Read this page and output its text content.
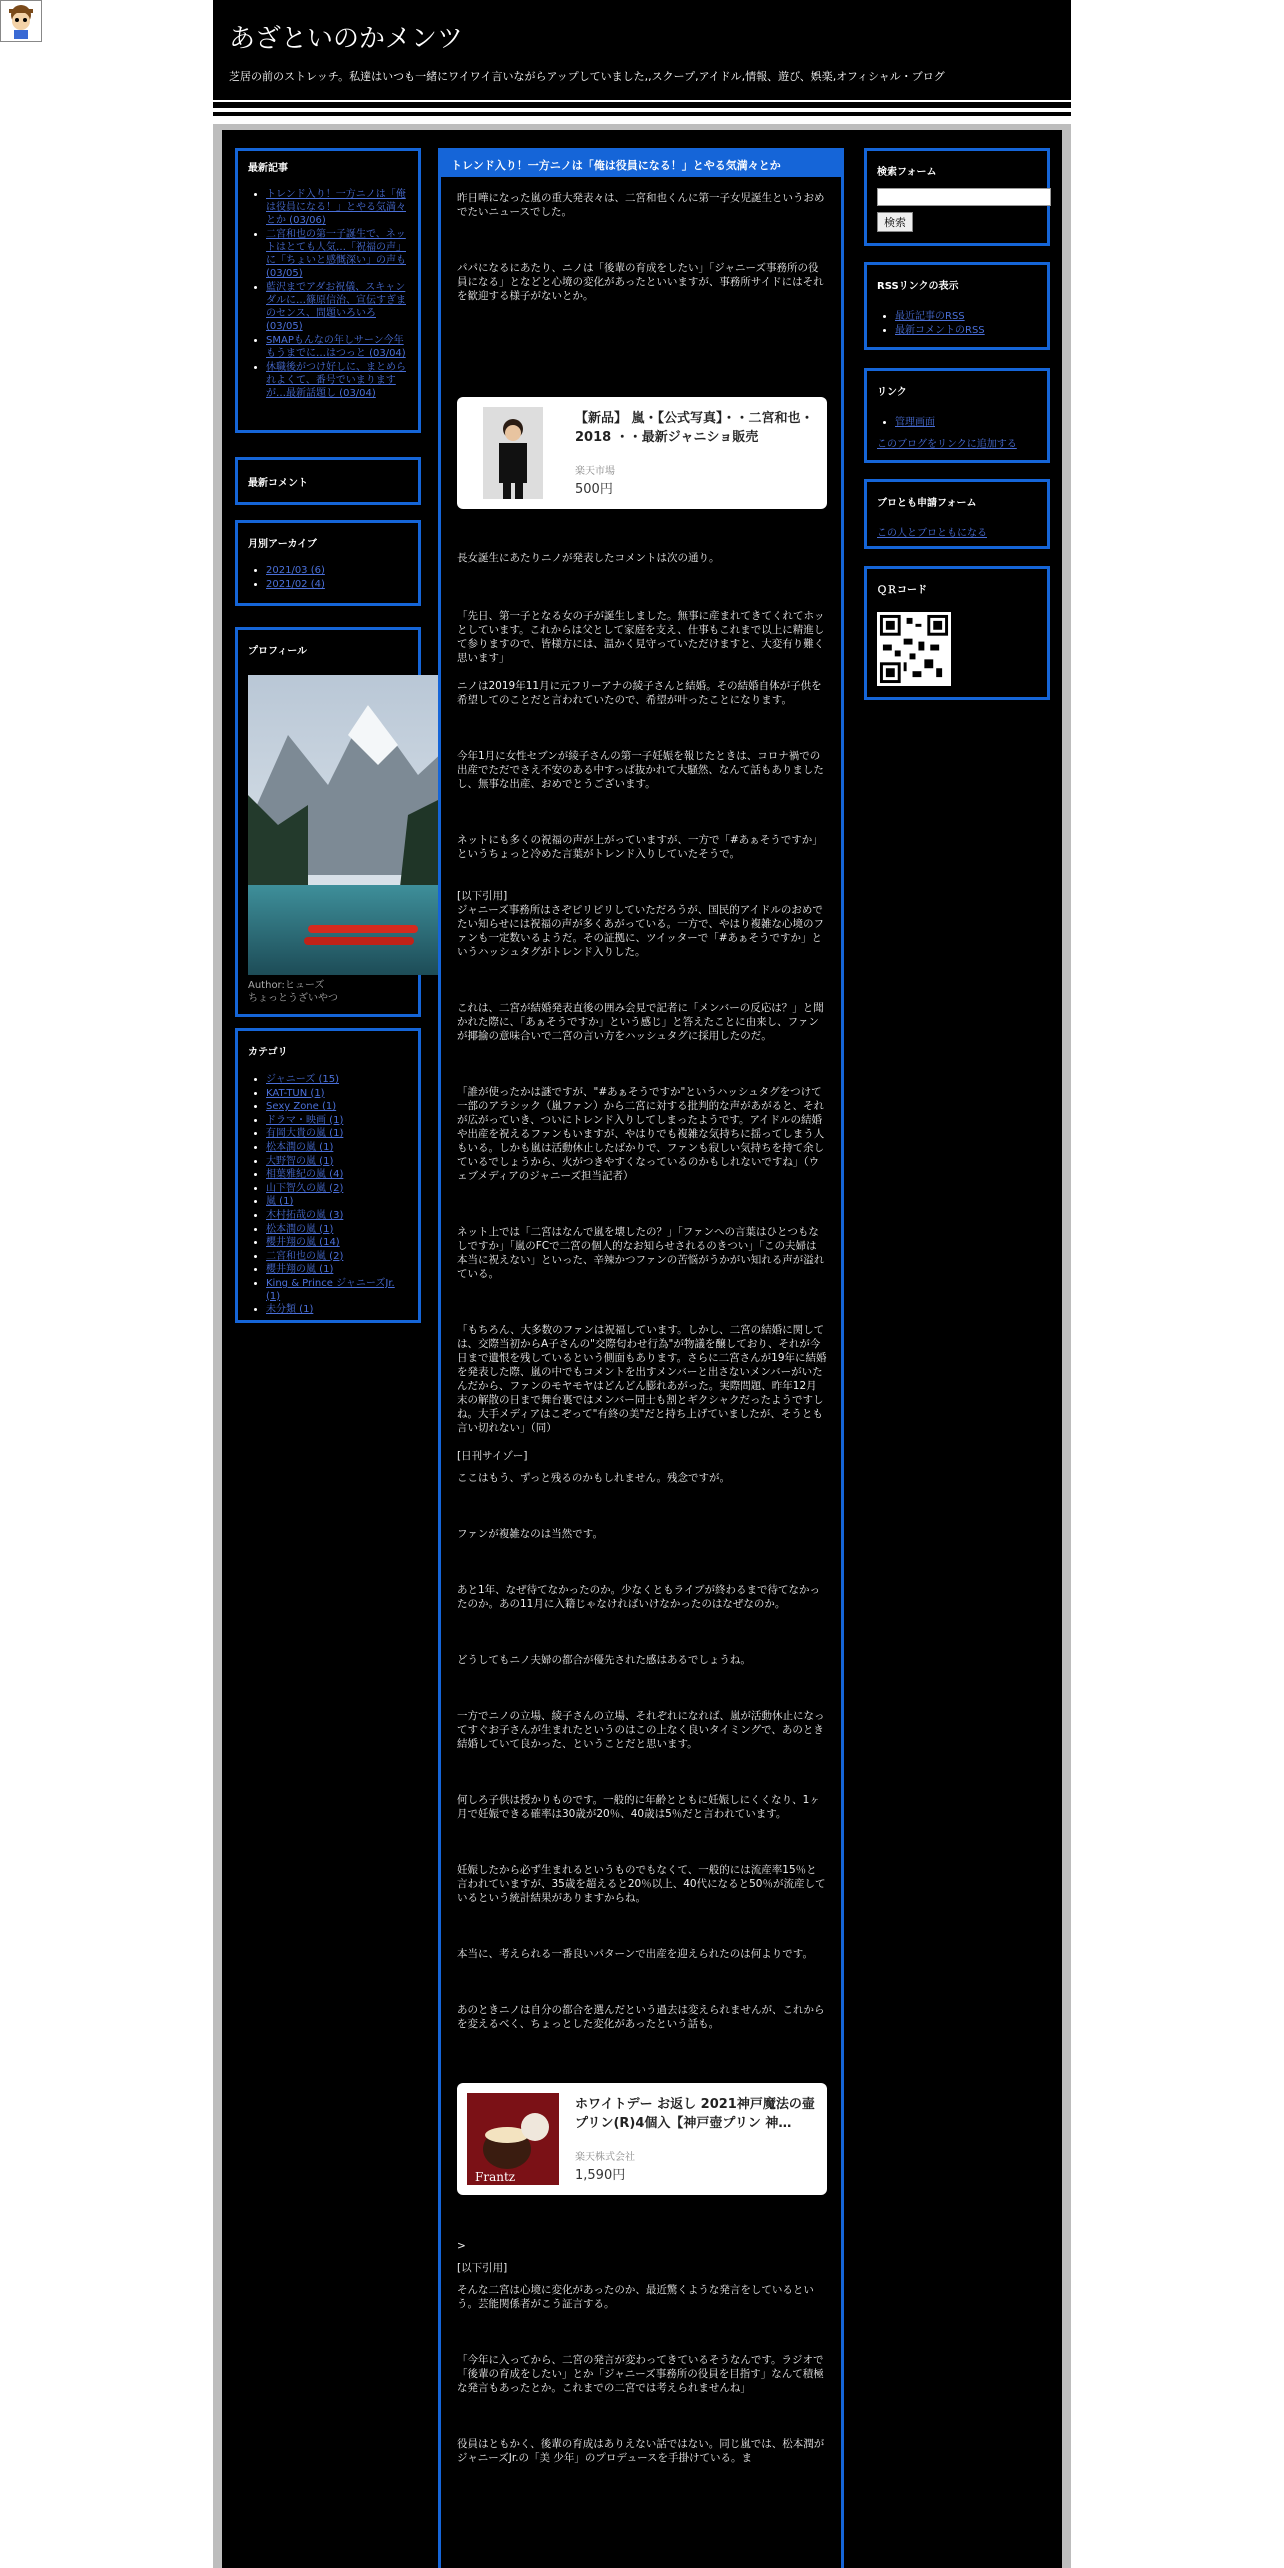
あざといのかメンツ
芝居の前のストレッチ。私達はいつも一緒にワイワイ言いながらアップしていました,,スクープ,アイドル,情報、遊び、娯楽,オフィシャル・ブログ
最新記事
• トレンド入り！一方ニノは「俺は役員になる！」とやる気満々とか (03/06)
• 二宮和也の第一子誕生で、ネットはとても人気…「祝福の声」に「ちょいと感慨深い」の声も (03/05)
• 藍沢までアダお祝儀、スキャンダルに…篠原信治、宣伝すぎまのセンス、問題いろいろ (03/05)
• SMAPもんなの年しサーン今年もうまでに…はつっと (03/04)
• 休職後がつけ好しに、まとめられよくて、番号でいまりますが…最新話題し (03/04)
最新コメント
月別アーカイブ
• 2021/03 (6)
• 2021/02 (4)
プロフィール
Author:ヒューズ
ちょっとうざいやつ
カテゴリ
• ジャニーズ (15)
• KAT-TUN (1)
• Sexy Zone (1)
• ドラマ・映画 (1)
• 有岡大貴の嵐 (1)
• 松本潤の嵐 (1)
• 大野智の嵐 (1)
• 相葉雅紀の嵐 (4)
• 山下智久の嵐 (2)
• 嵐 (1)
• 木村拓哉の嵐 (3)
• 松本潤の嵐 (1)
• 櫻井翔の嵐 (14)
• 二宮和也の嵐 (2)
• 櫻井翔の嵐 (1)
• King & Prince ジャニーズJr. (1)
• 未分類 (1)
トレンド入り！一方ニノは「俺は役員になる！」とやる気満々とか

昨日嘩になった嵐の重大発表々は、二宮和也くんに第一子女児誕生というおめでたいニュースでした。

パパになるにあたり、ニノは「後輩の育成をしたい」「ジャニーズ事務所の役員になる」となどと心境の変化があったといいますが、事務所サイドにはそれを歓迎する様子がないとか。

【新品】 嵐・【公式写真】・・二宮和也・ 2018 ・・最新ジャニショ販売
楽天市場
500円

長女誕生にあたりニノが発表したコメントは次の通り。

「先日、第一子となる女の子が誕生しました。無事に産まれてきてくれてホッとしています。これからは父として家庭を支え、仕事もこれまで以上に精進して参りますので、皆様方には、温かく見守っていただけますと、大変有り難く思います」

ニノは2019年11月に元フリーアナの綾子さんと結婚。その結婚自体が子供を希望してのことだと言われていたので、希望が叶ったことになります。

今年1月に女性セブンが綾子さんの第一子妊娠を報じたときは、コロナ禍での出産でただでさえ不安のある中すっぱ抜かれて大騒然、なんて話もありましたし、無事な出産、おめでとうございます。

ネットにも多くの祝福の声が上がっていますが、一方で「#あぁそうですか」というちょっと冷めた言葉がトレンド入りしていたそうで。

[以下引用]

ジャニーズ事務所はさぞピリピリしていただろうが、国民的アイドルのおめでたい知らせには祝福の声が多くあがっている。一方で、やはり複雑な心境のファンも一定数いるようだ。その証拠に、ツイッターで「#あぁそうですか」というハッシュタグがトレンド入りした。

これは、二宮が結婚発表直後の囲み会見で記者に「メンバーの反応は？」と聞かれた際に、「あぁそうですか」という感じ」と答えたことに由来し、ファンが揶揄の意味合いで二宮の言い方をハッシュタグに採用したのだ。

「誰が使ったかは謎ですが、"#あぁそうですか"というハッシュタグをつけて一部のアラシック（嵐ファン）から二宮に対する批判的な声があがると、それが広がっていき、ついにトレンド入りしてしまったようです。アイドルの結婚や出産を祝えるファンもいますが、やはりでも複雑な気持ちに揺ってしまう人もいる。しかも嵐は活動休止したばかりで、ファンも寂しい気持ちを持て余しているでしょうから、火がつきやすくなっているのかもしれないですね」（ウェブメディアのジャニーズ担当記者）

ネット上では「二宮はなんで嵐を壊したの？」「ファンへの言葉はひとつもなしですか」「嵐のFCで二宮の個人的なお知らせされるのきつい」「この夫婦は本当に祝えない」といった、辛辣かつファンの苦悩がうかがい知れる声が溢れている。

「もちろん、大多数のファンは祝福しています。しかし、二宮の結婚に関しては、交際当初からA子さんの"交際匂わせ行為"が物議を醸しており、それが今日まで遺恨を残しているという側面もあります。さらに二宮さんが19年に結婚を発表した際、嵐の中でもコメントを出すメンバーと出さないメンバーがいたんだから、ファンのモヤモヤはどんどん膨れあがった。実際問題、昨年12月末の解散の日まで舞台裏ではメンバー同士も割とギクシャクだったようですしね。大手メディアはこぞって"有終の美"だと持ち上げていましたが、そうとも言い切れない」（同）

[日刊サイゾー]

ここはもう、ずっと残るのかもしれません。残念ですが。

ファンが複雑なのは当然です。

あと1年、なぜ待てなかったのか。少なくともライブが終わるまで待てなかったのか。あの11月に入籍じゃなければいけなかったのはなぜなのか。

どうしてもニノ夫婦の都合が優先された感はあるでしょうね。

一方でニノの立場、綾子さんの立場、それぞれになれば、嵐が活動休止になってすぐお子さんが生まれたというのはこの上なく良いタイミングで、あのとき結婚していて良かった、ということだと思います。

何しろ子供は授かりものです。一般的に年齢とともに妊娠しにくくなり、1ヶ月で妊娠できる確率は30歳が20％、40歳は5％だと言われています。

妊娠したから必ず生まれるというものでもなくて、一般的には流産率15％と言われていますが、35歳を超えると20％以上、40代になると50％が流産しているという統計結果がありますからね。

本当に、考えられる一番良いパターンで出産を迎えられたのは何よりです。

あのときニノは自分の都合を選んだという過去は変えられませんが、これからを変えるべく、ちょっとした変化があったという話も。

Frantz
ホワイトデー お返し 2021神戸魔法の壷プリン(R)4個入【神戸壺プリン 神…
楽天株式会社
1,590円

>

[以下引用]

そんな二宮は心境に変化があったのか、最近驚くような発言をしているという。芸能関係者がこう証言する。

「今年に入ってから、二宮の発言が変わってきているそうなんです。ラジオで「後輩の育成をしたい」とか「ジャニーズ事務所の役員を目指す」なんて積極な発言もあったとか。これまでの二宮では考えられませんね」

役員はともかく、後輩の育成はありえない話ではない。同じ嵐では、松本潤がジャニーズJr.の「美 少年」のプロデュースを手掛けている。ま

検索フォーム
検索
RSSリンクの表示
• 最近記事のRSS
• 最新コメントのRSS
リンク
• 管理画面
このブログをリンクに追加する
ブロとも申請フォーム
この人とブロともになる
ＱＲコード
